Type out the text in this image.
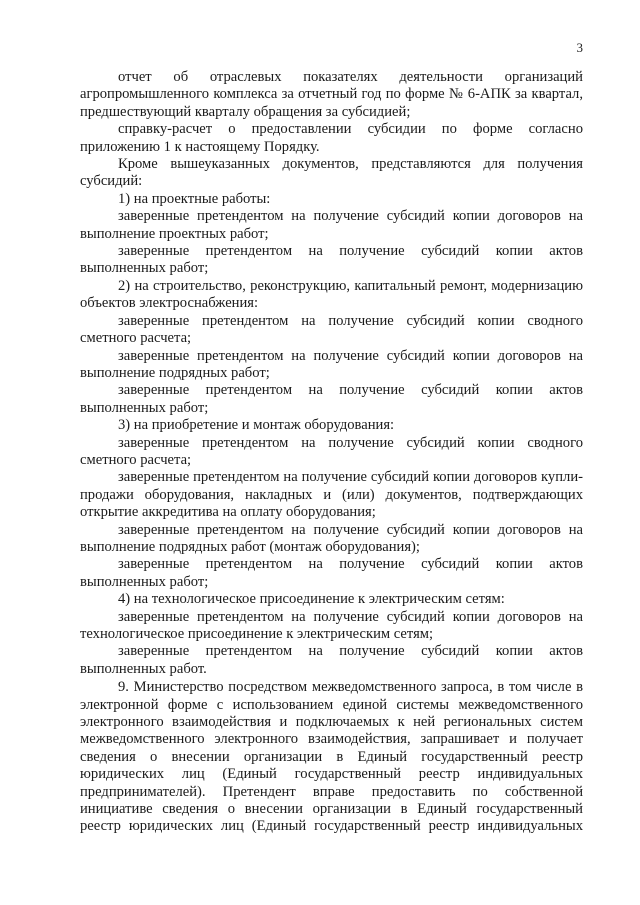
3

отчет об отраслевых показателях деятельности организаций агропромышленного комплекса за отчетный год по форме № 6-АПК за квартал, предшествующий кварталу обращения за субсидией;

справку-расчет о предоставлении субсидии по форме согласно приложению 1 к настоящему Порядку.

Кроме вышеуказанных документов, представляются для получения субсидий:

1) на проектные работы:

заверенные претендентом на получение субсидий копии договоров на выполнение проектных работ;

заверенные претендентом на получение субсидий копии актов выполненных работ;

2) на строительство, реконструкцию, капитальный ремонт, модернизацию объектов электроснабжения:

заверенные претендентом на получение субсидий копии сводного сметного расчета;

заверенные претендентом на получение субсидий копии договоров на выполнение подрядных работ;

заверенные претендентом на получение субсидий копии актов выполненных работ;

3) на приобретение и монтаж оборудования:

заверенные претендентом на получение субсидий копии сводного сметного расчета;

заверенные претендентом на получение субсидий копии договоров купли-продажи оборудования, накладных и (или) документов, подтверждающих открытие аккредитива на оплату оборудования;

заверенные претендентом на получение субсидий копии договоров на выполнение подрядных работ (монтаж оборудования);

заверенные претендентом на получение субсидий копии актов выполненных работ;

4) на технологическое присоединение к электрическим сетям:

заверенные претендентом на получение субсидий копии договоров на технологическое присоединение к электрическим сетям;

заверенные претендентом на получение субсидий копии актов выполненных работ.

9. Министерство посредством межведомственного запроса, в том числе в электронной форме с использованием единой системы межведомственного электронного взаимодействия и подключаемых к ней региональных систем межведомственного электронного взаимодействия, запрашивает и получает сведения о внесении организации в Единый государственный реестр юридических лиц (Единый государственный реестр индивидуальных предпринимателей). Претендент вправе предоставить по собственной инициативе сведения о внесении организации в Единый государственный реестр юридических лиц (Единый государственный реестр индивидуальных
